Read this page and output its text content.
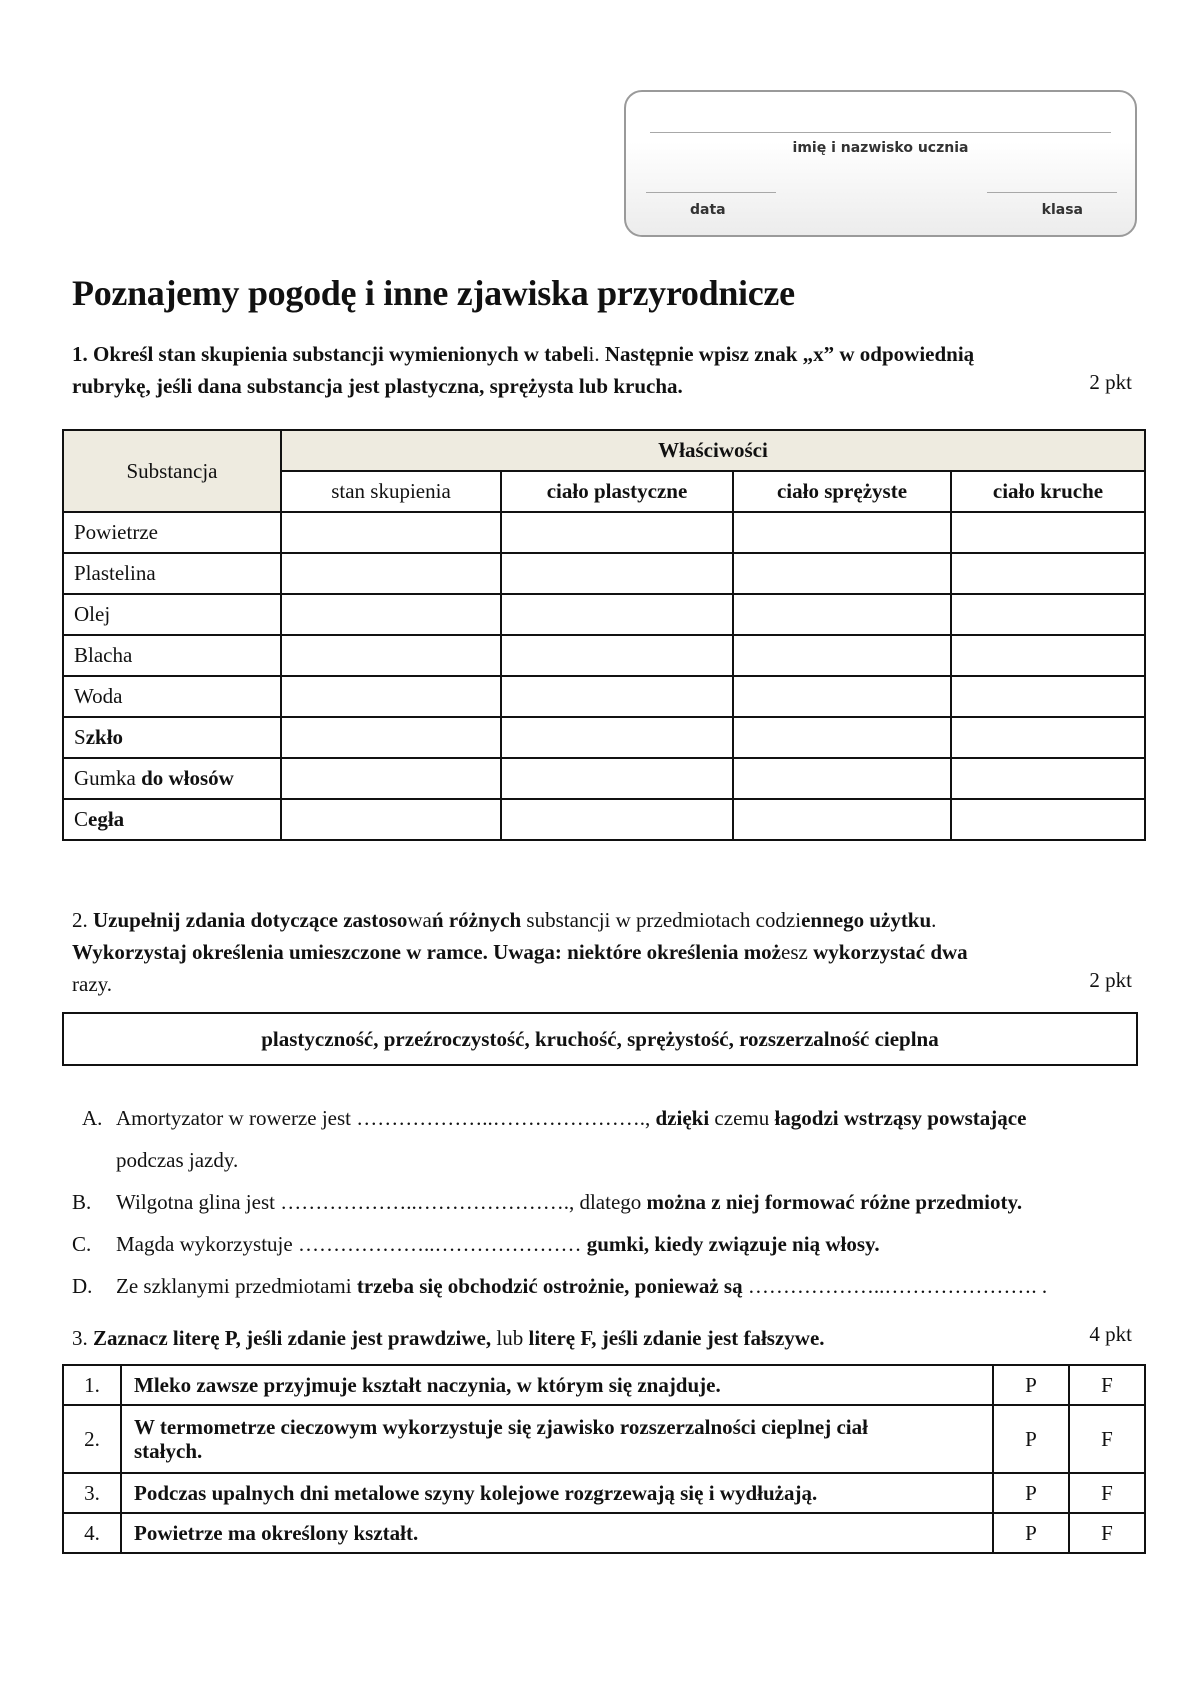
imię i nazwisko ucznia
data	klasa
Poznajemy pogodę i inne zjawiska przyrodnicze
1. Określ stan skupienia substancji wymienionych w tabeli. Następnie wpisz znak „x” w odpowiednią
rubrykę, jeśli dana substancja jest plastyczna, sprężysta lub krucha.	2 pkt
Substancja	Właściwości			
	stan skupienia	ciało plastyczne	ciało sprężyste	ciało kruche
Powietrze				
Plastelina				
Olej				
Blacha				
Woda				
Szkło				
Gumka do włosów				
Cegła				
2. Uzupełnij zdania dotyczące zastosowań różnych substancji w przedmiotach codziennego użytku.
Wykorzystaj określenia umieszczone w ramce. Uwaga: niektóre określenia możesz wykorzystać dwa
razy.	2 pkt
plastyczność, przeźroczystość, kruchość, sprężystość, rozszerzalność cieplna
A. Amortyzator w rowerze jest ………………..…………………., dzięki czemu łagodzi wstrząsy powstające
podczas jazdy.
B. Wilgotna glina jest ………………..…………………., dlatego można z niej formować różne przedmioty.
C. Magda wykorzystuje ………………..………………… gumki, kiedy związuje nią włosy.
D. Ze szklanymi przedmiotami trzeba się obchodzić ostrożnie, ponieważ są ………………..…………………. .
3. Zaznacz literę P, jeśli zdanie jest prawdziwe, lub literę F, jeśli zdanie jest fałszywe.	4 pkt
1.	Mleko zawsze przyjmuje kształt naczynia, w którym się znajduje.	P	F
2.	W termometrze cieczowym wykorzystuje się zjawisko rozszerzalności cieplnej ciał stałych.	P	F
3.	Podczas upalnych dni metalowe szyny kolejowe rozgrzewają się i wydłużają.	P	F
4.	Powietrze ma określony kształt.	P	F
